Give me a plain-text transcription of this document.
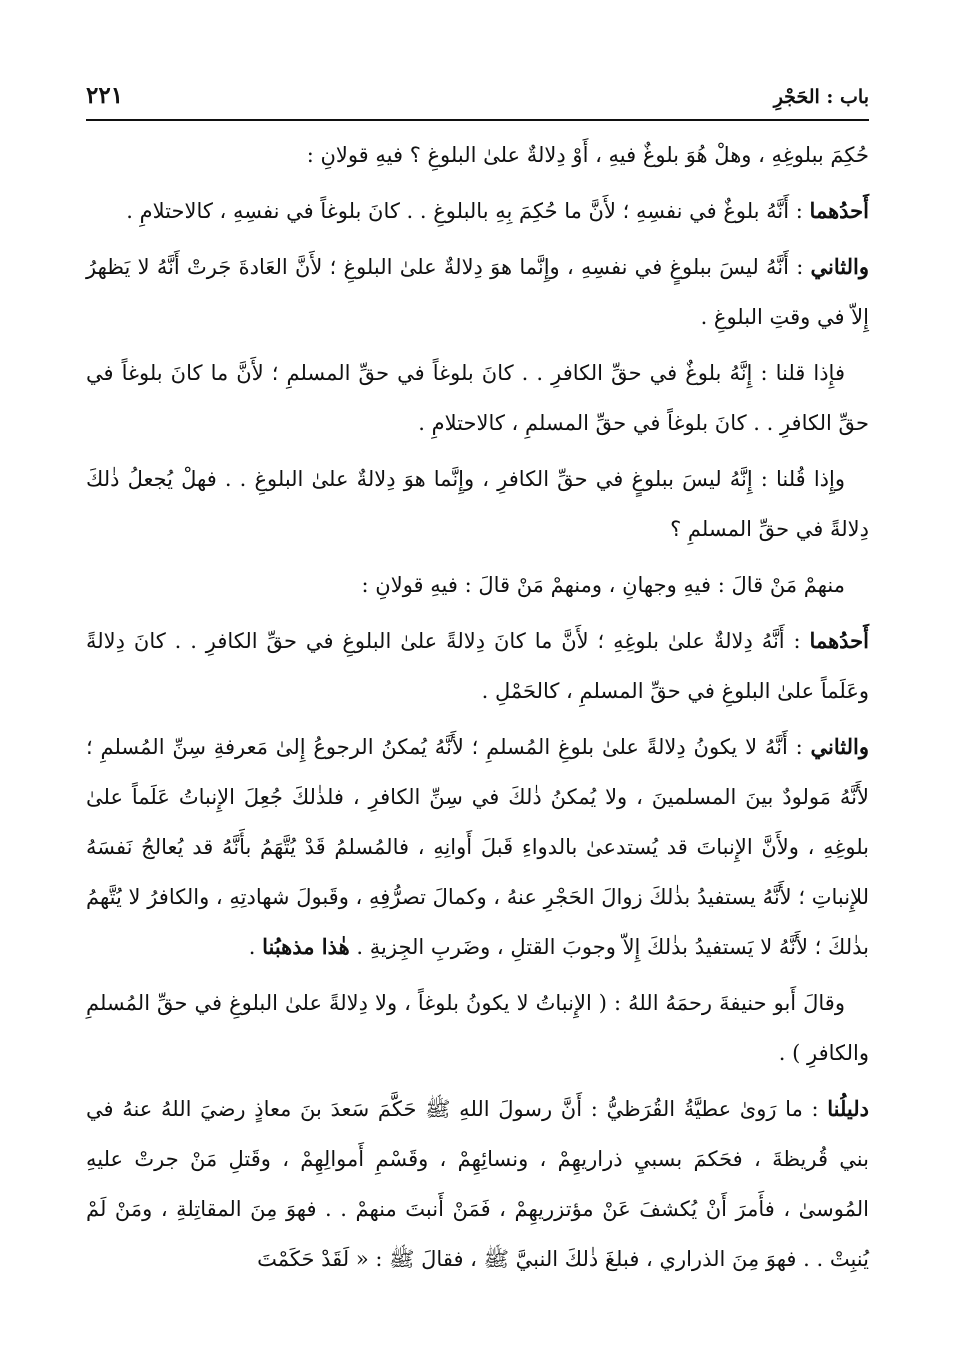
باب : الحَجْرِ
٢٢١

حُكِمَ ببلوغِهِ ، وهلْ هُوَ بلوغٌ فيهِ ، أَوْ دِلالةٌ علىٰ البلوغِ ؟ فيهِ قولانِ :

أَحدُهما : أَنَّهُ بلوغٌ في نفسِهِ ؛ لأَنَّ ما حُكِمَ بِهِ بالبلوغِ . . كانَ بلوغاً في نفسِهِ ، كالاحتلامِ .

والثاني : أَنَّهُ ليسَ ببلوغٍ في نفسِهِ ، وإِنَّما هوَ دِلالةٌ علىٰ البلوغِ ؛ لأَنَّ العَادةَ جَرتْ أَنَّهُ لا يَظهرُ إِلاّ في وقتِ البلوغِ .

فإِذا قلنا : إِنَّهُ بلوغٌ في حقِّ الكافرِ . . كانَ بلوغاً في حقِّ المسلمِ ؛ لأَنَّ ما كانَ بلوغاً في حقِّ الكافرِ . . كانَ بلوغاً في حقِّ المسلمِ ، كالاحتلامِ .

وإِذا قُلنا : إِنَّهُ ليسَ ببلوغٍ في حقِّ الكافرِ ، وإِنَّما هوَ دِلالةٌ علىٰ البلوغِ . . فهلْ يُجعلُ ذٰلكَ دِلالةً في حقِّ المسلمِ ؟

منهمْ مَنْ قالَ : فيهِ وجهانِ ، ومنهمْ مَنْ قالَ : فيهِ قولانِ :

أَحدُهما : أَنَّهُ دِلالةٌ علىٰ بلوغِهِ ؛ لأَنَّ ما كانَ دِلالةً علىٰ البلوغِ في حقِّ الكافرِ . . كانَ دِلالةً وعَلَماً علىٰ البلوغِ في حقِّ المسلمِ ، كالحَمْلِ .

والثاني : أَنَّهُ لا يكونُ دِلالةً علىٰ بلوغِ المُسلمِ ؛ لأَنَّهُ يُمكنُ الرجوعُ إِلىٰ مَعرفةِ سِنِّ المُسلمِ ؛ لأَنَّهُ مَولودٌ بينَ المسلمينَ ، ولا يُمكنُ ذٰلكَ في سِنِّ الكافرِ ، فلذٰلكَ جُعِلَ الإِنباتُ عَلَماً علىٰ بلوغِهِ ، ولأَنَّ الإِنباتَ قد يُستدعىٰ بالدواءِ قَبلَ أَوانِهِ ، فالمُسلمُ قَدْ يُتَّهَمُ بأَنَّهُ قد يُعالجُ نَفسَهُ للإِنباتِ ؛ لأَنَّهُ يستفيدُ بذٰلكَ زوالَ الحَجْرِ عنهُ ، وكمالَ تصرُّفِهِ ، وقَبولَ شهادتِهِ ، والكافرُ لا يُتَّهمُ بذٰلكَ ؛ لأَنَّهُ لا يَستفيدُ بذٰلكَ إِلاّ وجوبَ القتلِ ، وضَربِ الجِزيةِ . هٰذا مذهبُنا .

وقالَ أَبو حنيفةَ رحمَهُ اللهُ : ( الإِنباتُ لا يكونُ بلوغاً ، ولا دِلالةً علىٰ البلوغِ في حقِّ المُسلمِ والكافرِ ) .

دليلُنا : ما رَوىٰ عطيَّةُ القُرَظيُّ : أَنَّ رسولَ اللهِ ﷺ حَكَّمَ سَعدَ بنَ معاذٍ رضيَ اللهُ عنهُ في بني قُريظةَ ، فحَكمَ بسبيِ ذراريهِمْ ، ونسائِهِمْ ، وقَسْمِ أَموالِهِمْ ، وقَتلِ مَنْ جرتْ عليهِ المُوسىٰ ، فأَمرَ أَنْ يُكشفَ عَنْ مؤتزريهِمْ ، فَمَنْ أَنبتَ منهمْ . . فهوَ مِنَ المقاتِلةِ ، ومَنْ لَمْ يُنبِتْ . . فهوَ مِنَ الذراري ، فبلغَ ذٰلكَ النبيَّ ﷺ ، فقالَ ﷺ : « لَقَدْ حَكَمْتَ
